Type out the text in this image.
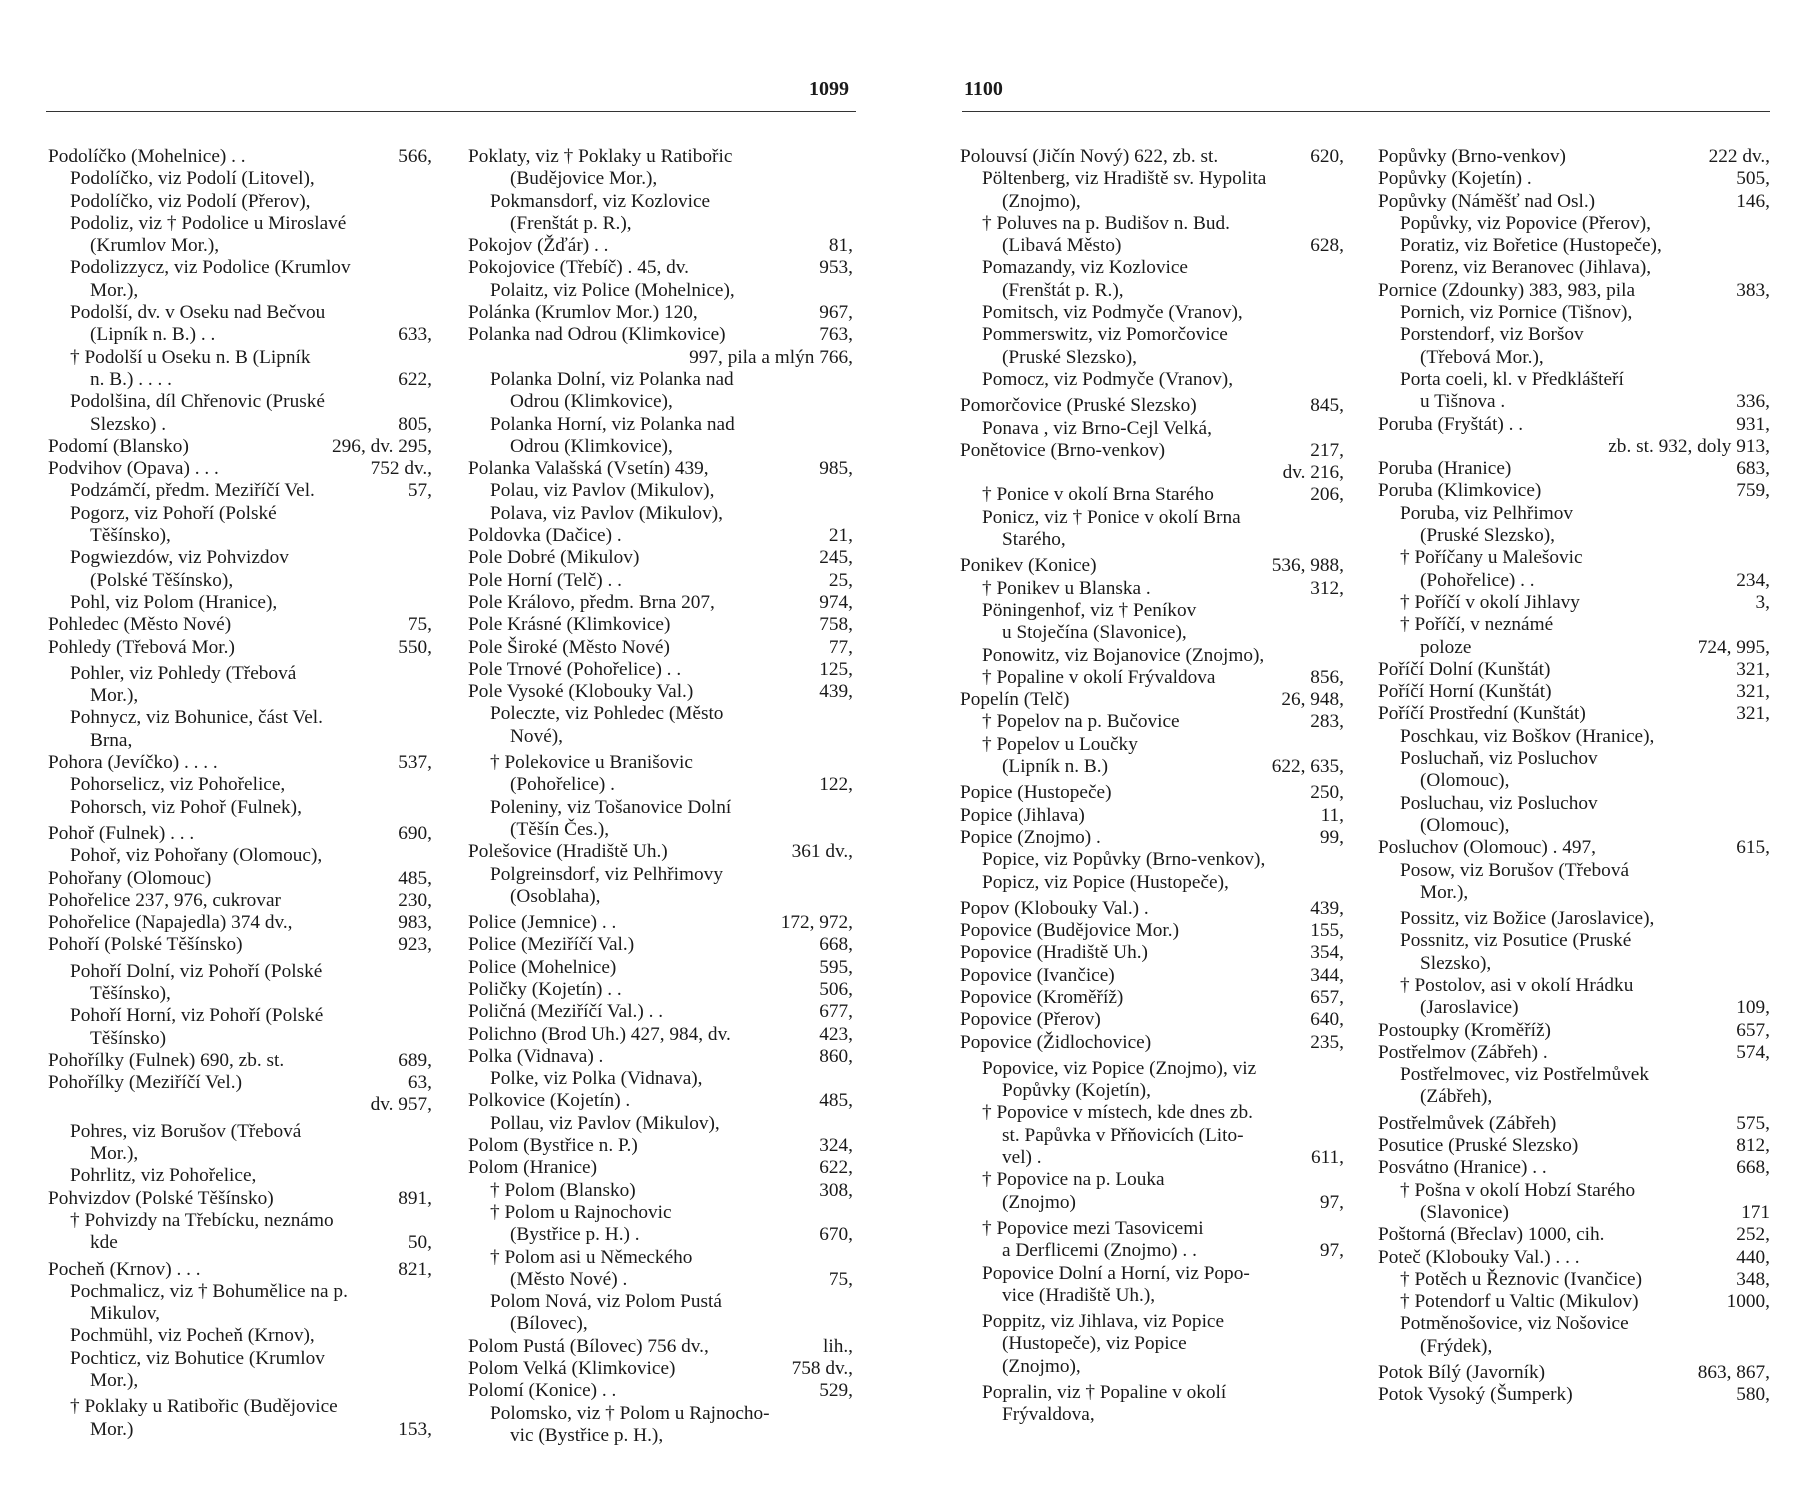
1099	1100
Podolíčko (Mohelnice) . .	566,
Podolíčko, viz Podolí (Litovel),
Podolíčko, viz Podolí (Přerov),
Podoliz, viz † Podolice u Miroslavé
(Krumlov Mor.),
Podolizzycz, viz Podolice (Krumlov
Mor.),
Podolší, dv. v Oseku nad Bečvou
(Lipník n. B.) . .	633,
† Podolší u Oseku n. B (Lipník
n. B.) . . . .	622,
Podolšina, díl Chřenovic (Pruské
Slezsko) .	805,
Podomí (Blansko)	296, dv. 295,
Podvihov (Opava) . . .	752 dv.,
Podzámčí, předm. Meziříčí Vel.	57,
Pogorz, viz Pohoří (Polské
Těšínsko),
Pogwiezdów, viz Pohvizdov
(Polské Těšínsko),
Pohl, viz Polom (Hranice),
Pohledec (Město Nové)	75,
Pohledy (Třebová Mor.)	550,
Pohler, viz Pohledy (Třebová
Mor.),
Pohnycz, viz Bohunice, část Vel.
Brna,
Pohora (Jevíčko) . . . .	537,
Pohorselicz, viz Pohořelice,
Pohorsch, viz Pohoř (Fulnek),
Pohoř (Fulnek) . . .	690,
Pohoř, viz Pohořany (Olomouc),
Pohořany (Olomouc)	485,
Pohořelice 237, 976, cukrovar	230,
Pohořelice (Napajedla) 374 dv.,	983,
Pohoří (Polské Těšínsko)	923,
Pohoří Dolní, viz Pohoří (Polské
Těšínsko),
Pohoří Horní, viz Pohoří (Polské
Těšínsko)
Pohořílky (Fulnek) 690, zb. st.	689,
Pohořílky (Meziříčí Vel.)	63,

dv. 957,
Pohres, viz Borušov (Třebová
Mor.),
Pohrlitz, viz Pohořelice,
Pohvizdov (Polské Těšínsko)	891,
† Pohvizdy na Třebícku, neznámo
kde	50,
Pocheň (Krnov) . . .	821,
Pochmalicz, viz † Bohumělice na p.
Mikulov,
Pochmühl, viz Pocheň (Krnov),
Pochticz, viz Bohutice (Krumlov
Mor.),
† Poklaky u Ratibořic (Budějovice
Mor.)	153,
Poklaty, viz † Poklaky u Ratibořic
(Budějovice Mor.),
Pokmansdorf, viz Kozlovice
(Frenštát p. R.),
Pokojov (Žďár) . .	81,
Pokojovice (Třebíč) . 45, dv.	953,
Polaitz, viz Police (Mohelnice),
Polánka (Krumlov Mor.) 120,	967,
Polanka nad Odrou (Klimkovice)	763,

997, pila a mlýn 766,
Polanka Dolní, viz Polanka nad
Odrou (Klimkovice),
Polanka Horní, viz Polanka nad
Odrou (Klimkovice),
Polanka Valašská (Vsetín) 439,	985,
Polau, viz Pavlov (Mikulov),
Polava, viz Pavlov (Mikulov),
Poldovka (Dačice) .	21,
Pole Dobré (Mikulov)	245,
Pole Horní (Telč) . .	25,
Pole Královo, předm. Brna 207,	974,
Pole Krásné (Klimkovice)	758,
Pole Široké (Město Nové)	77,
Pole Trnové (Pohořelice) . .	125,
Pole Vysoké (Klobouky Val.)	439,
Poleczte, viz Pohledec (Město
Nové),
† Polekovice u Branišovic
(Pohořelice) .	122,
Poleniny, viz Tošanovice Dolní
(Těšín Čes.),
Polešovice (Hradiště Uh.)	361 dv.,
Polgreinsdorf, viz Pelhřimovy
(Osoblaha),
Police (Jemnice) . .	172, 972,
Police (Meziříčí Val.)	668,
Police (Mohelnice)	595,
Poličky (Kojetín) . .	506,
Poličná (Meziříčí Val.) . .	677,
Polichno (Brod Uh.) 427, 984, dv.	423,
Polka (Vidnava) .	860,
Polke, viz Polka (Vidnava),
Polkovice (Kojetín) .	485,
Pollau, viz Pavlov (Mikulov),
Polom (Bystřice n. P.)	324,
Polom (Hranice)	622,
† Polom (Blansko)	308,
† Polom u Rajnochovic
(Bystřice p. H.) .	670,
† Polom asi u Německého
(Město Nové) .	75,
Polom Nová, viz Polom Pustá
(Bílovec),
Polom Pustá (Bílovec) 756 dv.,	lih.,
Polom Velká (Klimkovice)	758 dv.,
Polomí (Konice) . .	529,
Polomsko, viz † Polom u Rajnocho-
vic (Bystřice p. H.),
Polouvsí (Jičín Nový) 622, zb. st.	620,
Pöltenberg, viz Hradiště sv. Hypolita
(Znojmo),
† Poluves na p. Budišov n. Bud.
(Libavá Město)	628,
Pomazandy, viz Kozlovice
(Frenštát p. R.),
Pomitsch, viz Podmyče (Vranov),
Pommerswitz, viz Pomorčovice
(Pruské Slezsko),
Pomocz, viz Podmyče (Vranov),
Pomorčovice (Pruské Slezsko)	845,
Ponava , viz Brno-Cejl Velká,
Ponětovice (Brno-venkov)	217,

dv. 216,
† Ponice v okolí Brna Starého	206,
Ponicz, viz † Ponice v okolí Brna
Starého,
Ponikev (Konice)	536, 988,
† Ponikev u Blanska .	312,
Pöningenhof, viz † Peníkov
u Stoječína (Slavonice),
Ponowitz, viz Bojanovice (Znojmo),
† Popaline v okolí Frývaldova	856,
Popelín (Telč)	26, 948,
† Popelov na p. Bučovice	283,
† Popelov u Loučky
(Lipník n. B.)	622, 635,
Popice (Hustopeče)	250,
Popice (Jihlava)	11,
Popice (Znojmo) .	99,
Popice, viz Popůvky (Brno-venkov),
Popicz, viz Popice (Hustopeče),
Popov (Klobouky Val.) .	439,
Popovice (Budějovice Mor.)	155,
Popovice (Hradiště Uh.)	354,
Popovice (Ivančice)	344,
Popovice (Kroměříž)	657,
Popovice (Přerov)	640,
Popovice (Židlochovice)	235,
Popovice, viz Popice (Znojmo), viz
Popůvky (Kojetín),
† Popovice v místech, kde dnes zb.
st. Papůvka v Přňovicích (Lito-
vel) .	611,
† Popovice na p. Louka
(Znojmo)	97,
† Popovice mezi Tasovicemi
a Derflicemi (Znojmo) . .	97,
Popovice Dolní a Horní, viz Popo-
vice (Hradiště Uh.),
Poppitz, viz Jihlava, viz Popice
(Hustopeče), viz Popice
(Znojmo),
Popralin, viz † Popaline v okolí
Frývaldova,
Popůvky (Brno-venkov)	222 dv.,
Popůvky (Kojetín) .	505,
Popůvky (Náměšť nad Osl.)	146,
Popůvky, viz Popovice (Přerov),
Poratiz, viz Bořetice (Hustopeče),
Porenz, viz Beranovec (Jihlava),
Pornice (Zdounky) 383, 983, pila	383,
Pornich, viz Pornice (Tišnov),
Porstendorf, viz Boršov
(Třebová Mor.),
Porta coeli, kl. v Předklášteří
u Tišnova .	336,
Poruba (Fryštát) . .	931,

zb. st. 932, doly 913,
Poruba (Hranice)	683,
Poruba (Klimkovice)	759,
Poruba, viz Pelhřimov
(Pruské Slezsko),
† Poříčany u Malešovic
(Pohořelice) . .	234,
† Poříčí v okolí Jihlavy	3,
† Poříčí, v neznámé
poloze	724, 995,
Poříčí Dolní (Kunštát)	321,
Poříčí Horní (Kunštát)	321,
Poříčí Prostřední (Kunštát)	321,
Poschkau, viz Boškov (Hranice),
Posluchaň, viz Posluchov
(Olomouc),
Posluchau, viz Posluchov
(Olomouc),
Posluchov (Olomouc) . 497,	615,
Posow, viz Borušov (Třebová
Mor.),
Possitz, viz Božice (Jaroslavice),
Possnitz, viz Posutice (Pruské
Slezsko),
† Postolov, asi v okolí Hrádku
(Jaroslavice)	109,
Postoupky (Kroměříž)	657,
Postřelmov (Zábřeh) .	574,
Postřelmovec, viz Postřelmůvek
(Zábřeh),
Postřelmůvek (Zábřeh)	575,
Posutice (Pruské Slezsko)	812,
Posvátno (Hranice) . .	668,
† Pošna v okolí Hobzí Starého
(Slavonice)	171
Poštorná (Břeclav) 1000, cih.	252,
Poteč (Klobouky Val.) . . .	440,
† Potěch u Řeznovic (Ivančice)	348,
† Potendorf u Valtic (Mikulov)	1000,
Potměnošovice, viz Nošovice
(Frýdek),
Potok Bílý (Javorník)	863, 867,
Potok Vysoký (Šumperk)	580,
